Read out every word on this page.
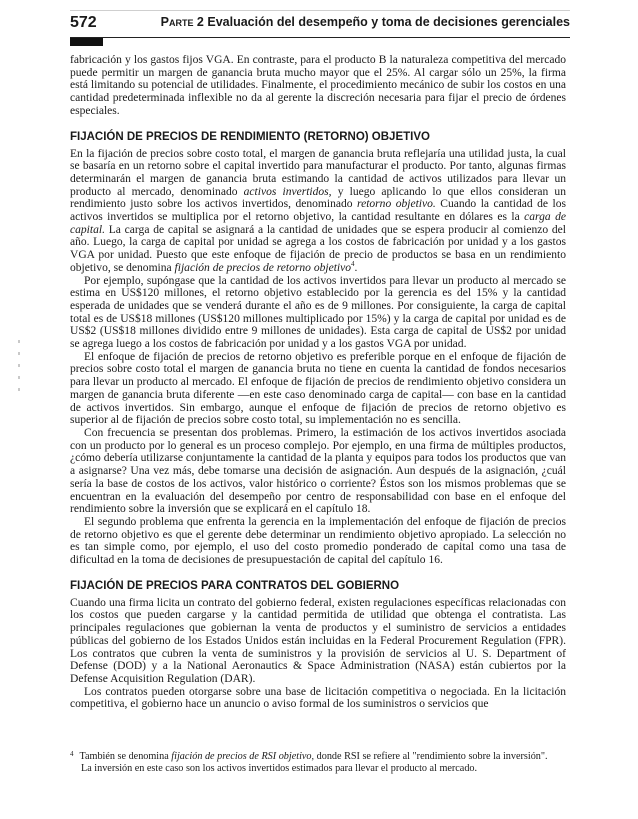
572	Parte 2 Evaluación del desempeño y toma de decisiones gerenciales

fabricación y los gastos fijos VGA. En contraste, para el producto B la naturaleza competitiva del mercado puede permitir un margen de ganancia bruta mucho mayor que el 25%. Al cargar sólo un 25%, la firma está limitando su potencial de utilidades. Finalmente, el procedimiento mecánico de subir los costos en una cantidad predeterminada inflexible no da al gerente la discreción necesaria para fijar el precio de órdenes especiales.

FIJACIÓN DE PRECIOS DE RENDIMIENTO (RETORNO) OBJETIVO

En la fijación de precios sobre costo total, el margen de ganancia bruta reflejaría una utilidad justa, la cual se basaría en un retorno sobre el capital invertido para manufacturar el producto. Por tanto, algunas firmas determinarán el margen de ganancia bruta estimando la cantidad de activos utilizados para llevar un producto al mercado, denominado activos invertidos, y luego aplicando lo que ellos consideran un rendimiento justo sobre los activos invertidos, denominado retorno objetivo. Cuando la cantidad de los activos invertidos se multiplica por el retorno objetivo, la cantidad resultante en dólares es la carga de capital. La carga de capital se asignará a la cantidad de unidades que se espera producir al comienzo del año. Luego, la carga de capital por unidad se agrega a los costos de fabricación por unidad y a los gastos VGA por unidad. Puesto que este enfoque de fijación de precio de productos se basa en un rendimiento objetivo, se denomina fijación de precios de retorno objetivo$^4$.

Por ejemplo, supóngase que la cantidad de los activos invertidos para llevar un producto al mercado se estima en US$120 millones, el retorno objetivo establecido por la gerencia es del 15% y la cantidad esperada de unidades que se venderá durante el año es de 9 millones. Por consiguiente, la carga de capital total es de US$18 millones (US$120 millones multiplicado por 15%) y la carga de capital por unidad es de US$2 (US$18 millones dividido entre 9 millones de unidades). Esta carga de capital de US$2 por unidad se agrega luego a los costos de fabricación por unidad y a los gastos VGA por unidad.

El enfoque de fijación de precios de retorno objetivo es preferible porque en el enfoque de fijación de precios sobre costo total el margen de ganancia bruta no tiene en cuenta la cantidad de fondos necesarios para llevar un producto al mercado. El enfoque de fijación de precios de rendimiento objetivo considera un margen de ganancia bruta diferente —en este caso denominado carga de capital— con base en la cantidad de activos invertidos. Sin embargo, aunque el enfoque de fijación de precios de retorno objetivo es superior al de fijación de precios sobre costo total, su implementación no es sencilla.

Con frecuencia se presentan dos problemas. Primero, la estimación de los activos invertidos asociada con un producto por lo general es un proceso complejo. Por ejemplo, en una firma de múltiples productos, ¿cómo debería utilizarse conjuntamente la cantidad de la planta y equipos para todos los productos que van a asignarse? Una vez más, debe tomarse una decisión de asignación. Aun después de la asignación, ¿cuál sería la base de costos de los activos, valor histórico o corriente? Éstos son los mismos problemas que se encuentran en la evaluación del desempeño por centro de responsabilidad con base en el enfoque del rendimiento sobre la inversión que se explicará en el capítulo 18.

El segundo problema que enfrenta la gerencia en la implementación del enfoque de fijación de precios de retorno objetivo es que el gerente debe determinar un rendimiento objetivo apropiado. La selección no es tan simple como, por ejemplo, el uso del costo promedio ponderado de capital como una tasa de dificultad en la toma de decisiones de presupuestación de capital del capítulo 16.

FIJACIÓN DE PRECIOS PARA CONTRATOS DEL GOBIERNO

Cuando una firma licita un contrato del gobierno federal, existen regulaciones específicas relacionadas con los costos que pueden cargarse y la cantidad permitida de utilidad que obtenga el contratista. Las principales regulaciones que gobiernan la venta de productos y el suministro de servicios a entidades públicas del gobierno de los Estados Unidos están incluidas en la Federal Procurement Regulation (FPR). Los contratos que cubren la venta de suministros y la provisión de servicios al U. S. Department of Defense (DOD) y a la National Aeronautics & Space Administration (NASA) están cubiertos por la Defense Acquisition Regulation (DAR).

Los contratos pueden otorgarse sobre una base de licitación competitiva o negociada. En la licitación competitiva, el gobierno hace un anuncio o aviso formal de los suministros o servicios que

$^4$ También se denomina fijación de precios de RSI objetivo, donde RSI se refiere al "rendimiento sobre la inversión".

La inversión en este caso son los activos invertidos estimados para llevar el producto al mercado.
